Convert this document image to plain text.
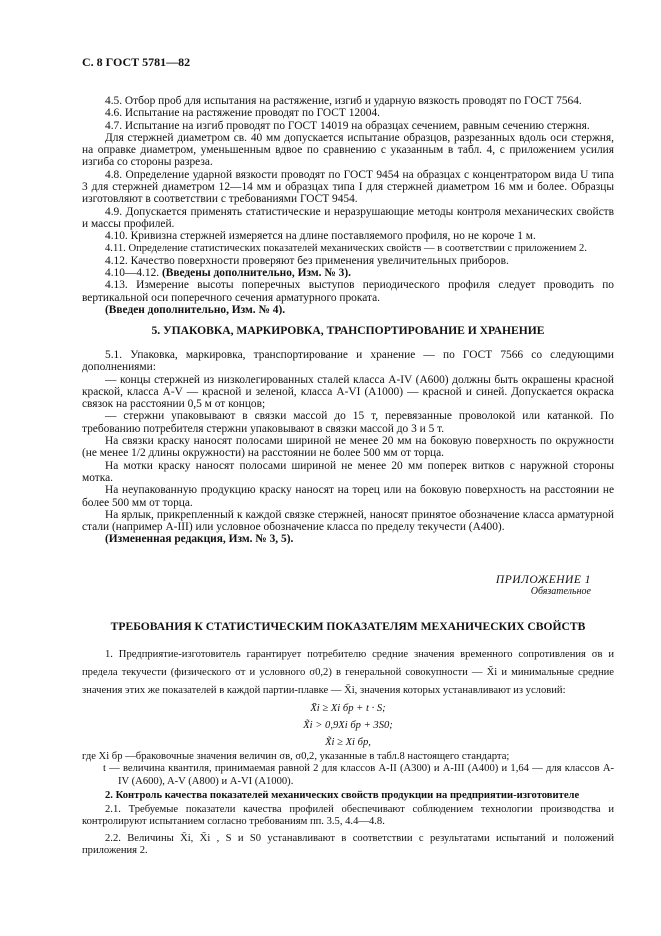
С. 8 ГОСТ 5781—82

4.5. Отбор проб для испытания на растяжение, изгиб и ударную вязкость проводят по ГОСТ 7564.

4.6. Испытание на растяжение проводят по ГОСТ 12004.

4.7. Испытание на изгиб проводят по ГОСТ 14019 на образцах сечением, равным сечению стержня.

Для стержней диаметром св. 40 мм допускается испытание образцов, разрезанных вдоль оси стержня, на оправке диаметром, уменьшенным вдвое по сравнению с указанным в табл. 4, с приложением усилия изгиба со стороны разреза.

4.8. Определение ударной вязкости проводят по ГОСТ 9454 на образцах с концентратором вида U типа 3 для стержней диаметром 12—14 мм и образцах типа I для стержней диаметром 16 мм и более. Образцы изготовляют в соответствии с требованиями ГОСТ 9454.

4.9. Допускается применять статистические и неразрушающие методы контроля механических свойств и массы профилей.

4.10. Кривизна стержней измеряется на длине поставляемого профиля, но не короче 1 м.

4.11. Определение статистических показателей механических свойств — в соответствии с приложением 2.

4.12. Качество поверхности проверяют без применения увеличительных приборов.

4.10—4.12. (Введены дополнительно, Изм. № 3).

4.13. Измерение высоты поперечных выступов периодического профиля следует проводить по вертикальной оси поперечного сечения арматурного проката.

(Введен дополнительно, Изм. № 4).

5. УПАКОВКА, МАРКИРОВКА, ТРАНСПОРТИРОВАНИЕ И ХРАНЕНИЕ

5.1. Упаковка, маркировка, транспортирование и хранение — по ГОСТ 7566 со следующими дополнениями:

— концы стержней из низколегированных сталей класса A-IV (A600) должны быть окрашены красной краской, класса A-V — красной и зеленой, класса A-VI (A1000) — красной и синей. Допускается окраска связок на расстоянии 0,5 м от концов;

— стержни упаковывают в связки массой до 15 т, перевязанные проволокой или катанкой. По требованию потребителя стержни упаковывают в связки массой до 3 и 5 т.

На связки краску наносят полосами шириной не менее 20 мм на боковую поверхность по окружности (не менее 1/2 длины окружности) на расстоянии не более 500 мм от торца.

На мотки краску наносят полосами шириной не менее 20 мм поперек витков с наружной стороны мотка.

На неупакованную продукцию краску наносят на торец или на боковую поверхность на расстоянии не более 500 мм от торца.

На ярлык, прикрепленный к каждой связке стержней, наносят принятое обозначение класса арматурной стали (например A-III) или условное обозначение класса по пределу текучести (A400).

(Измененная редакция, Изм. № 3, 5).

ПРИЛОЖЕНИЕ 1
Обязательное

ТРЕБОВАНИЯ К СТАТИСТИЧЕСКИМ ПОКАЗАТЕЛЯМ МЕХАНИЧЕСКИХ СВОЙСТВ

1. Предприятие-изготовитель гарантирует потребителю средние значения временного сопротивления σв и предела текучести (физического σт и условного σ0,2) в генеральной совокупности — X̃i и минимальные средние значения этих же показателей в каждой партии-плавке — X̄i, значения которых устанавливают из условий:

X̄i ≥ Xi бр + t · S;

X̃i > 0,9Xi бр + 3S0;

X̃i ≥ Xi бр,

где Xi бр —браковочные значения величин σв, σ0,2, указанные в табл.8 настоящего стандарта;

t — величина квантиля, принимаемая равной 2 для классов A-II (A300) и A-III (A400) и 1,64 — для классов A-IV (A600), A-V (A800) и A-VI (A1000).

2. Контроль качества показателей механических свойств продукции на предприятии-изготовителе

2.1. Требуемые показатели качества профилей обеспечивают соблюдением технологии производства и контролируют испытанием согласно требованиям пп. 3.5, 4.4—4.8.

2.2. Величины X̄i, X̃i , S и S0 устанавливают в соответствии с результатами испытаний и положений приложения 2.
